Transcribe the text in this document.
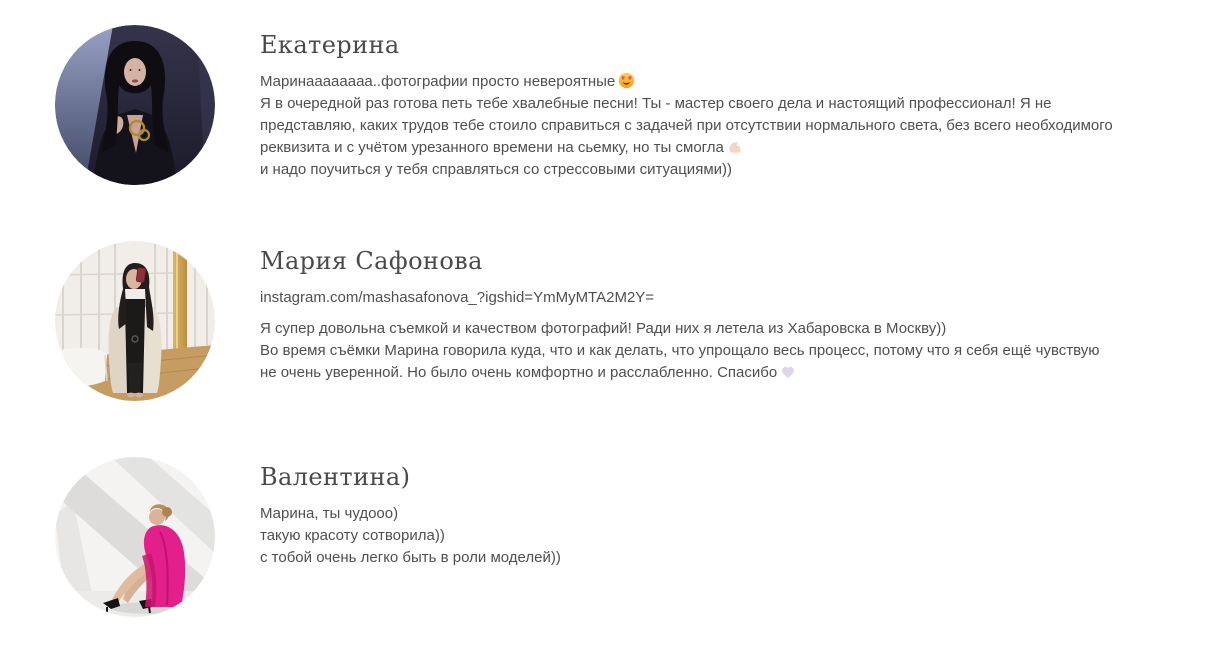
Екатерина

Маринаааааааа..фотографии просто невероятные

Я в очередной раз готова петь тебе хвалебные песни! Ты - мастер своего дела и настоящий профессионал! Я не представляю, каких трудов тебе стоило справиться с задачей при отсутствии нормального света, без всего необходимого реквизита и с учётом урезанного времени на сьемку, но ты смогла

и надо поучиться у тебя справляться со стрессовыми ситуациями))

Мария Сафонова
instagram.com/mashasafonova_?igshid=YmMyMTA2M2Y=

Я супер довольна съемкой и качеством фотографий! Ради них я летела из Хабаровска в Москву))

Во время съёмки Марина говорила куда, что и как делать, что упрощало весь процесс, потому что я себя ещё чувствую не очень уверенной. Но было очень комфортно и расслабленно. Спасибо

Валентина)

Марина, ты чудооо)

такую красоту сотворила))

с тобой очень легко быть в роли моделей))
